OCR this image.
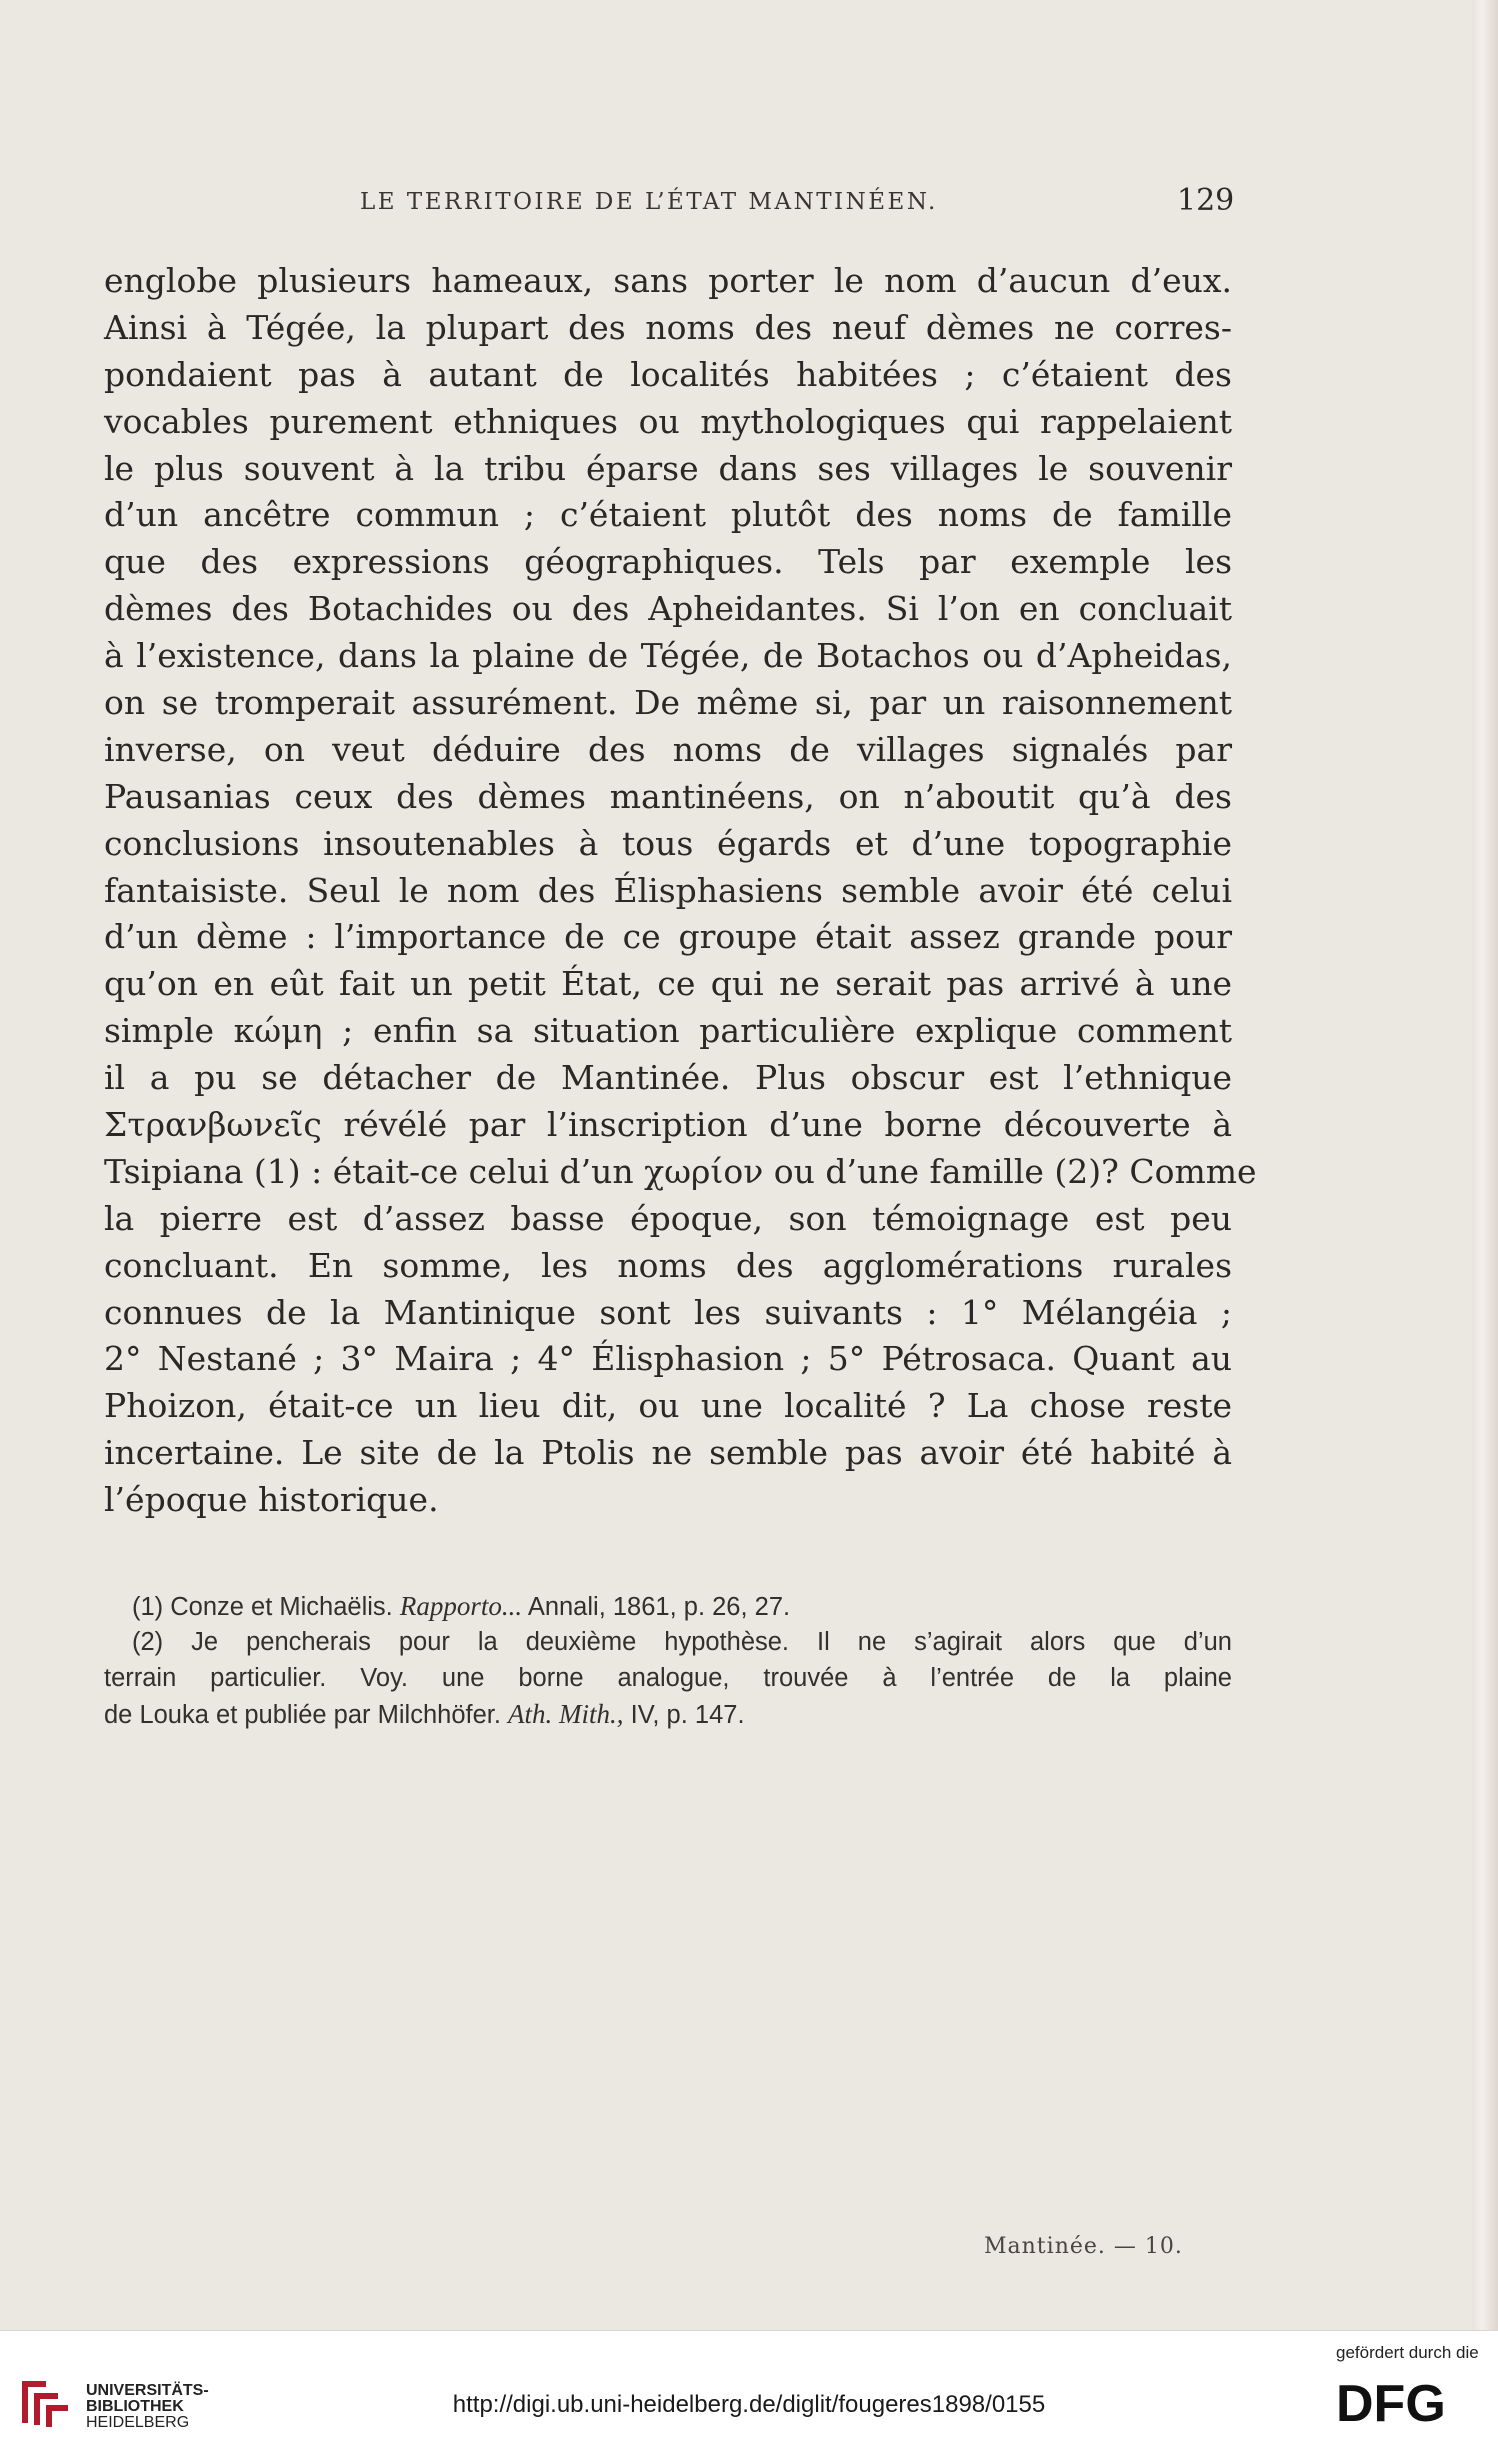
LE TERRITOIRE DE L’ÉTAT MANTINÉEN.	129
englobe plusieurs hameaux, sans porter le nom d’aucun d’eux.
Ainsi à Tégée, la plupart des noms des neuf dèmes ne corres-
pondaient pas à autant de localités habitées ; c’étaient des
vocables purement ethniques ou mythologiques qui rappelaient
le plus souvent à la tribu éparse dans ses villages le souvenir
d’un ancêtre commun ; c’étaient plutôt des noms de famille
que des expressions géographiques. Tels par exemple les
dèmes des Botachides ou des Apheidantes. Si l’on en concluait
à l’existence, dans la plaine de Tégée, de Botachos ou d’Apheidas,
on se tromperait assurément. De même si, par un raisonnement
inverse, on veut déduire des noms de villages signalés par
Pausanias ceux des dèmes mantinéens, on n’aboutit qu’à des
conclusions insoutenables à tous égards et d’une topographie
fantaisiste. Seul le nom des Élisphasiens semble avoir été celui
d’un dème : l’importance de ce groupe était assez grande pour
qu’on en eût fait un petit État, ce qui ne serait pas arrivé à une
simple κώμη ; enfin sa situation particulière explique comment
il a pu se détacher de Mantinée. Plus obscur est l’ethnique
Στρανβωνεῖς révélé par l’inscription d’une borne découverte à
Tsipiana (1) : était-ce celui d’un χωρίον ou d’une famille (2)? Comme
la pierre est d’assez basse époque, son témoignage est peu
concluant. En somme, les noms des agglomérations rurales
connues de la Mantinique sont les suivants : 1° Mélangéia ;
2° Nestané ; 3° Maira ; 4° Élisphasion ; 5° Pétrosaca. Quant au
Phoizon, était-ce un lieu dit, ou une localité ? La chose reste
incertaine. Le site de la Ptolis ne semble pas avoir été habité à
l’époque historique.
(1) Conze et Michaëlis. Rapporto... Annali, 1861, p. 26, 27.
(2) Je pencherais pour la deuxième hypothèse. Il ne s’agirait alors que d’un
terrain particulier. Voy. une borne analogue, trouvée à l’entrée de la plaine
de Louka et publiée par Milchhöfer. Ath. Mith., IV, p. 147.
Mantinée. — 10.
UNIVERSITÄTS-
BIBLIOTHEK
HEIDELBERG
http://digi.ub.uni-heidelberg.de/diglit/fougeres1898/0155
gefördert durch die
DFG
